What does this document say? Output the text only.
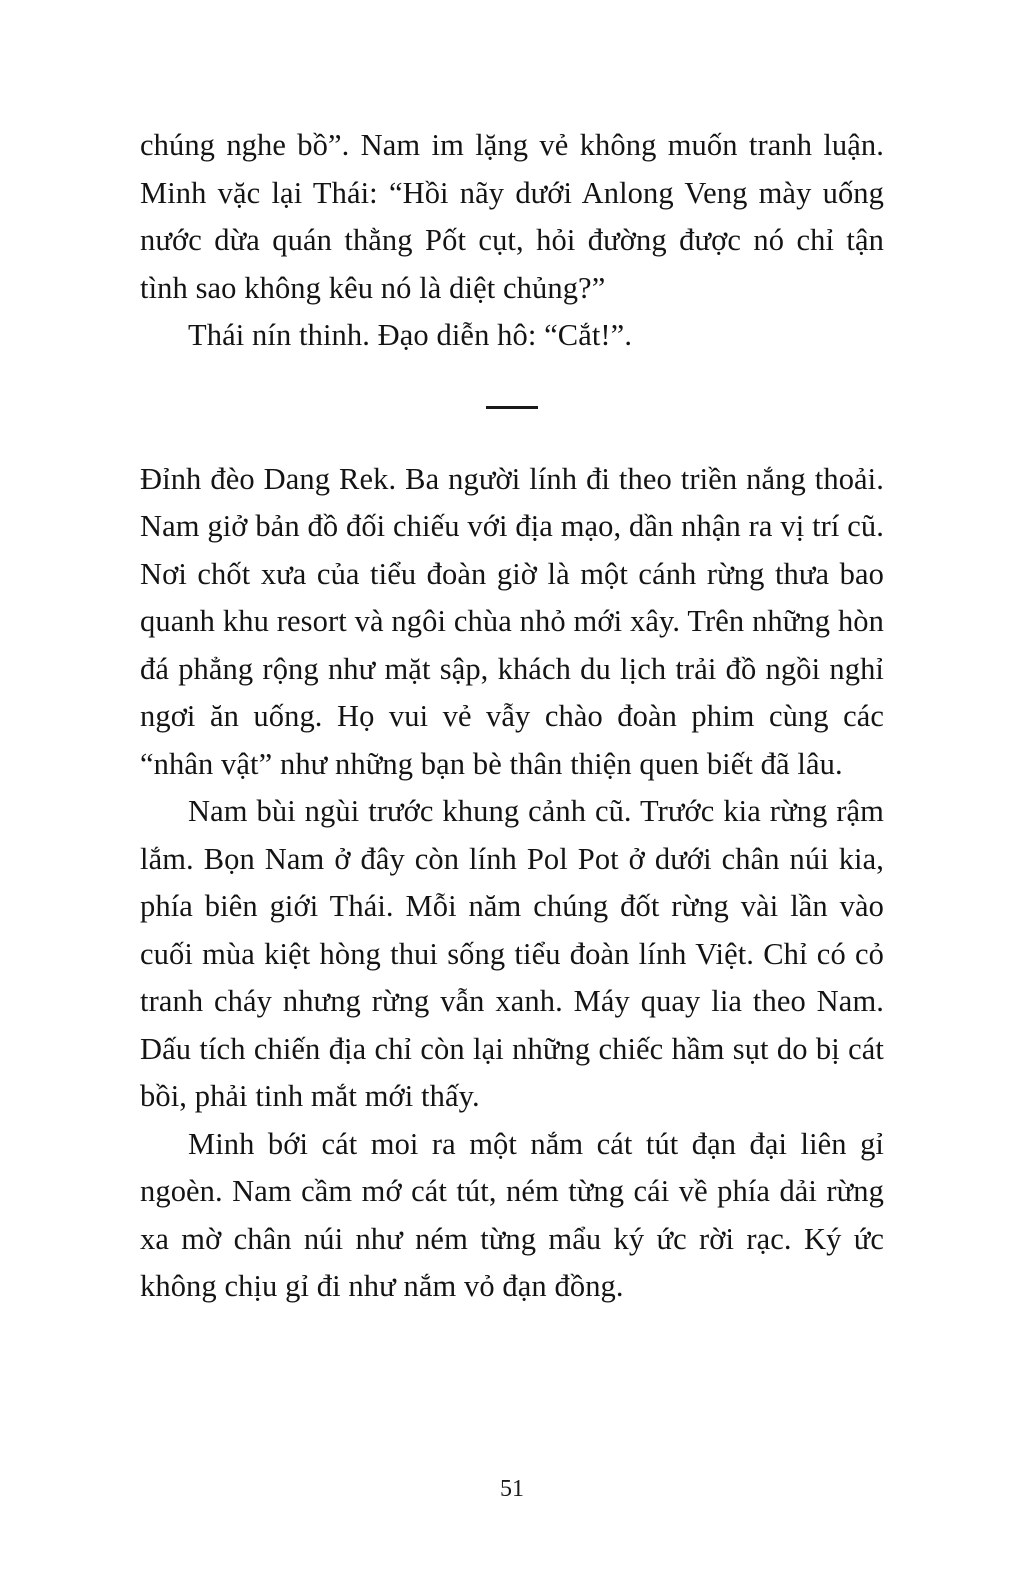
chúng nghe bồ”. Nam im lặng vẻ không muốn tranh luận. Minh vặc lại Thái: “Hồi nãy dưới Anlong Veng mày uống nước dừa quán thằng Pốt cụt, hỏi đường được nó chỉ tận tình sao không kêu nó là diệt chủng?”

Thái nín thinh. Đạo diễn hô: “Cắt!”.

Đỉnh đèo Dang Rek. Ba người lính đi theo triền nắng thoải. Nam giở bản đồ đối chiếu với địa mạo, dần nhận ra vị trí cũ. Nơi chốt xưa của tiểu đoàn giờ là một cánh rừng thưa bao quanh khu resort và ngôi chùa nhỏ mới xây. Trên những hòn đá phẳng rộng như mặt sập, khách du lịch trải đồ ngồi nghỉ ngơi ăn uống. Họ vui vẻ vẫy chào đoàn phim cùng các “nhân vật” như những bạn bè thân thiện quen biết đã lâu.

Nam bùi ngùi trước khung cảnh cũ. Trước kia rừng rậm lắm. Bọn Nam ở đây còn lính Pol Pot ở dưới chân núi kia, phía biên giới Thái. Mỗi năm chúng đốt rừng vài lần vào cuối mùa kiệt hòng thui sống tiểu đoàn lính Việt. Chỉ có cỏ tranh cháy nhưng rừng vẫn xanh. Máy quay lia theo Nam. Dấu tích chiến địa chỉ còn lại những chiếc hầm sụt do bị cát bồi, phải tinh mắt mới thấy.

Minh bới cát moi ra một nắm cát tút đạn đại liên gỉ ngoèn. Nam cầm mớ cát tút, ném từng cái về phía dải rừng xa mờ chân núi như ném từng mẩu ký ức rời rạc. Ký ức không chịu gỉ đi như nắm vỏ đạn đồng.

51
